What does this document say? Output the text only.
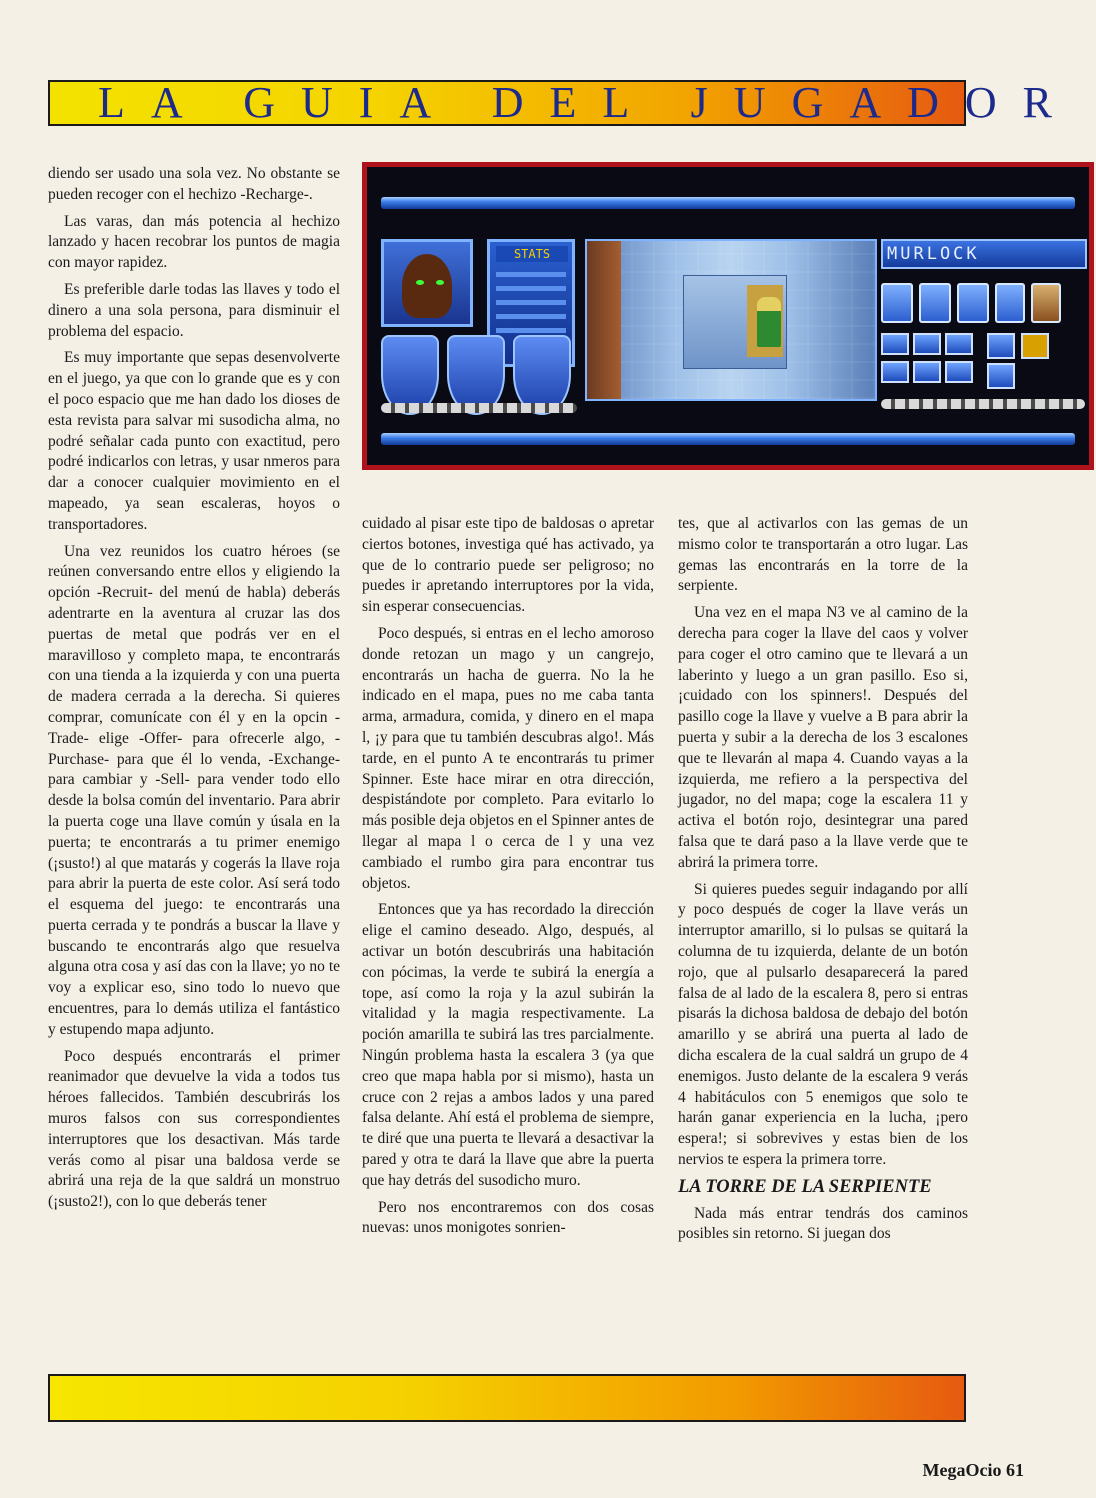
LA GUIA DEL JUGADOR

diendo ser usado una sola vez. No obstante se pueden recoger con el hechizo -Recharge-.

Las varas, dan más potencia al hechizo lanzado y hacen recobrar los puntos de magia con mayor rapidez.

Es preferible darle todas las llaves y todo el dinero a una sola persona, para disminuir el problema del espacio.

Es muy importante que sepas desenvolverte en el juego, ya que con lo grande que es y con el poco espacio que me han dado los dioses de esta revista para salvar mi susodicha alma, no podré señalar cada punto con exactitud, pero podré indicarlos con letras, y usar nmeros para dar a conocer cualquier movimiento en el mapeado, ya sean escaleras, hoyos o transportadores.

Una vez reunidos los cuatro héroes (se reúnen conversando entre ellos y eligiendo la opción -Recruit- del menú de habla) deberás adentrarte en la aventura al cruzar las dos puertas de metal que podrás ver en el maravilloso y completo mapa, te encontrarás con una tienda a la izquierda y con una puerta de madera cerrada a la derecha. Si quieres comprar, comunícate con él y en la opcin -Trade- elige -Offer- para ofrecerle algo, -Purchase- para que él lo venda, -Exchange- para cambiar y -Sell- para vender todo ello desde la bolsa común del inventario. Para abrir la puerta coge una llave común y úsala en la puerta; te encontrarás a tu primer enemigo (¡susto!) al que matarás y cogerás la llave roja para abrir la puerta de este color. Así será todo el esquema del juego: te encontrarás una puerta cerrada y te pondrás a buscar la llave y buscando te encontrarás algo que resuelva alguna otra cosa y así das con la llave; yo no te voy a explicar eso, sino todo lo nuevo que encuentres, para lo demás utiliza el fantástico y estupendo mapa adjunto.

Poco después encontrarás el primer reanimador que devuelve la vida a todos tus héroes fallecidos. También descubrirás los muros falsos con sus correspondientes interruptores que los desactivan. Más tarde verás como al pisar una baldosa verde se abrirá una reja de la que saldrá un monstruo (¡susto2!), con lo que deberás tener

STATS	MURLOCK

cuidado al pisar este tipo de baldosas o apretar ciertos botones, investiga qué has activado, ya que de lo contrario puede ser peligroso; no puedes ir apretando interruptores por la vida, sin esperar consecuencias.

Poco después, si entras en el lecho amoroso donde retozan un mago y un cangrejo, encontrarás un hacha de guerra. No la he indicado en el mapa, pues no me caba tanta arma, armadura, comida, y dinero en el mapa l, ¡y para que tu también descubras algo!. Más tarde, en el punto A te encontrarás tu primer Spinner. Este hace mirar en otra dirección, despistándote por completo. Para evitarlo lo más posible deja objetos en el Spinner antes de llegar al mapa l o cerca de l y una vez cambiado el rumbo gira para encontrar tus objetos.

Entonces que ya has recordado la dirección elige el camino deseado. Algo, después, al activar un botón descubrirás una habitación con pócimas, la verde te subirá la energía a tope, así como la roja y la azul subirán la vitalidad y la magia respectivamente. La poción amarilla te subirá las tres parcialmente. Ningún problema hasta la escalera 3 (ya que creo que mapa habla por si mismo), hasta un cruce con 2 rejas a ambos lados y una pared falsa delante. Ahí está el problema de siempre, te diré que una puerta te llevará a desactivar la pared y otra te dará la llave que abre la puerta que hay detrás del susodicho muro.

Pero nos encontraremos con dos cosas nuevas: unos monigotes sonrien-

tes, que al activarlos con las gemas de un mismo color te transportarán a otro lugar. Las gemas las encontrarás en la torre de la serpiente.

Una vez en el mapa N3 ve al camino de la derecha para coger la llave del caos y volver para coger el otro camino que te llevará a un laberinto y luego a un gran pasillo. Eso si, ¡cuidado con los spinners!. Después del pasillo coge la llave y vuelve a B para abrir la puerta y subir a la derecha de los 3 escalones que te llevarán al mapa 4. Cuando vayas a la izquierda, me refiero a la perspectiva del jugador, no del mapa; coge la escalera 11 y activa el botón rojo, desintegrar una pared falsa que te dará paso a la llave verde que te abrirá la primera torre.

Si quieres puedes seguir indagando por allí y poco después de coger la llave verás un interruptor amarillo, si lo pulsas se quitará la columna de tu izquierda, delante de un botón rojo, que al pulsarlo desaparecerá la pared falsa de al lado de la escalera 8, pero si entras pisarás la dichosa baldosa de debajo del botón amarillo y se abrirá una puerta al lado de dicha escalera de la cual saldrá un grupo de 4 enemigos. Justo delante de la escalera 9 verás 4 habitáculos con 5 enemigos que solo te harán ganar experiencia en la lucha, ¡pero espera!; si sobrevives y estas bien de los nervios te espera la primera torre.

LA TORRE DE LA SERPIENTE

Nada más entrar tendrás dos caminos posibles sin retorno. Si juegan dos

MegaOcio 61
